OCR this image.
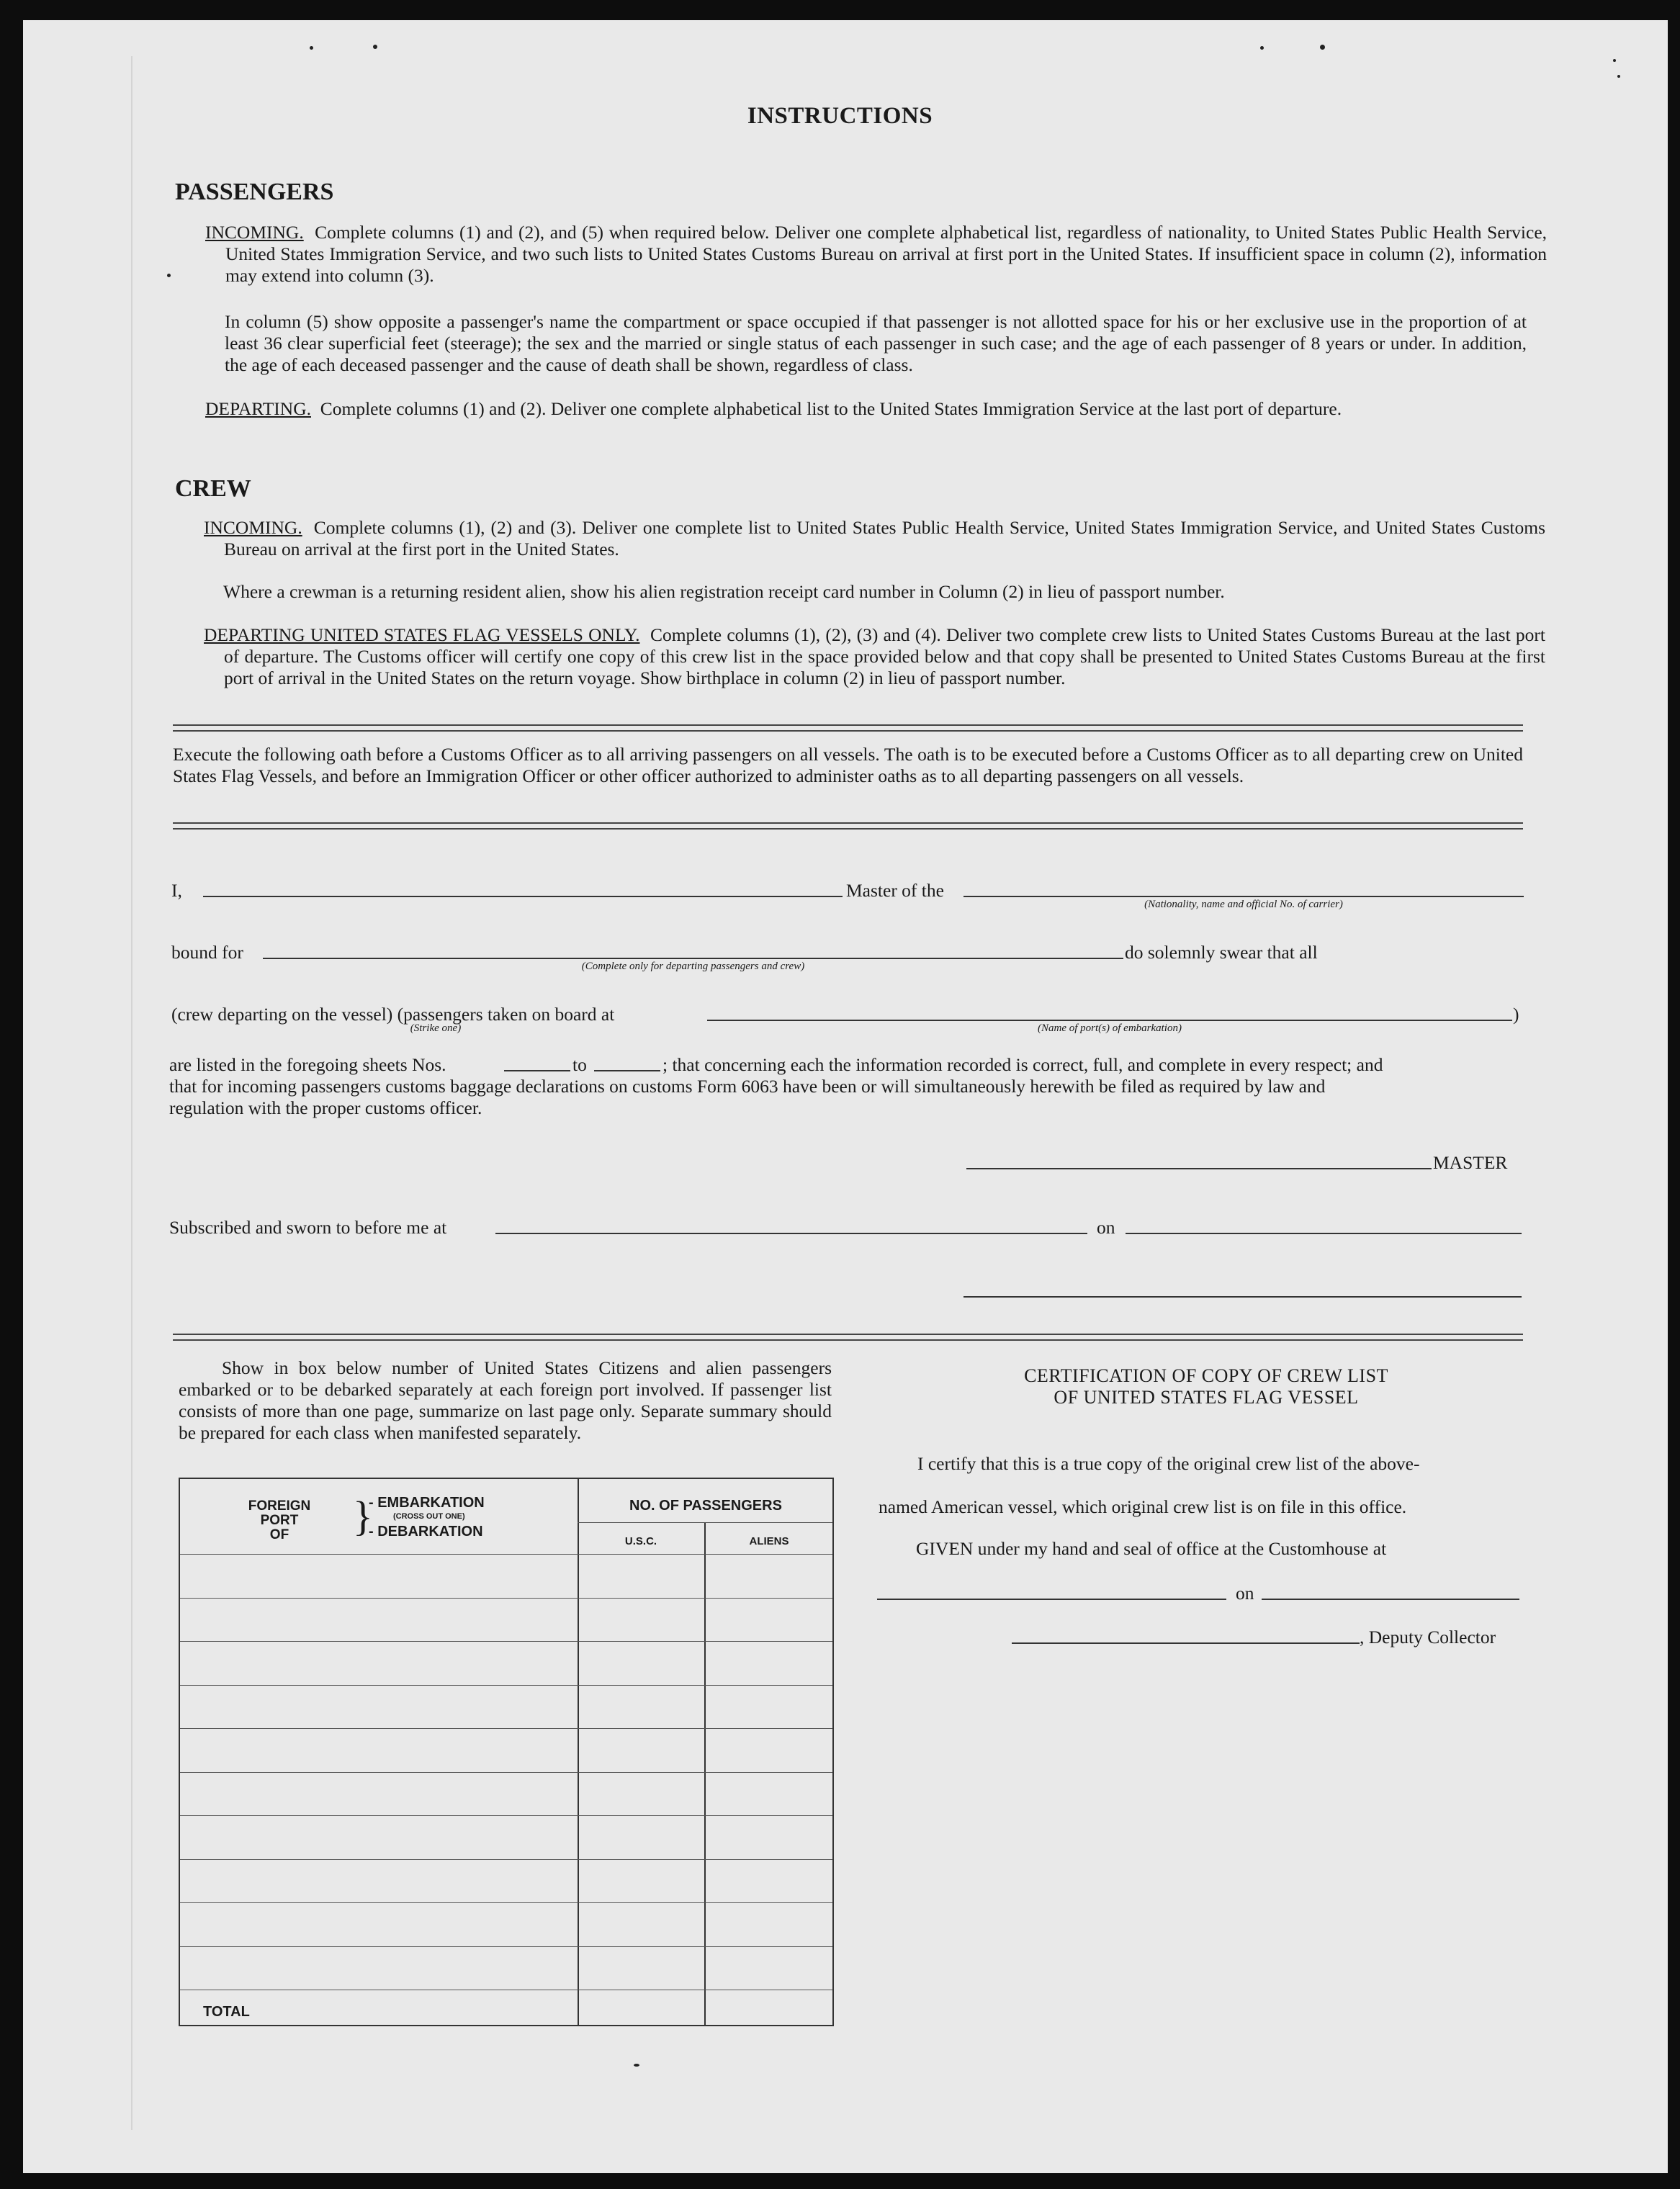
INSTRUCTIONS
PASSENGERS
INCOMING. Complete columns (1) and (2), and (5) when required below. Deliver one complete alphabetical list, regardless of nationality, to United States Public Health Service, United States Immigration Service, and two such lists to United States Customs Bureau on arrival at first port in the United States. If insufficient space in column (2), information may extend into column (3).
In column (5) show opposite a passenger's name the compartment or space occupied if that passenger is not allotted space for his or her exclusive use in the proportion of at least 36 clear superficial feet (steerage); the sex and the married or single status of each passenger in such case; and the age of each passenger of 8 years or under. In addition, the age of each deceased passenger and the cause of death shall be shown, regardless of class.
DEPARTING. Complete columns (1) and (2). Deliver one complete alphabetical list to the United States Immigration Service at the last port of departure.
CREW
INCOMING. Complete columns (1), (2) and (3). Deliver one complete list to United States Public Health Service, United States Immigration Service, and United States Customs Bureau on arrival at the first port in the United States.
Where a crewman is a returning resident alien, show his alien registration receipt card number in Column (2) in lieu of passport number.
DEPARTING UNITED STATES FLAG VESSELS ONLY. Complete columns (1), (2), (3) and (4). Deliver two complete crew lists to United States Customs Bureau at the last port of departure. The Customs officer will certify one copy of this crew list in the space provided below and that copy shall be presented to United States Customs Bureau at the first port of arrival in the United States on the return voyage. Show birthplace in column (2) in lieu of passport number.
Execute the following oath before a Customs Officer as to all arriving passengers on all vessels. The oath is to be executed before a Customs Officer as to all departing crew on United States Flag Vessels, and before an Immigration Officer or other officer authorized to administer oaths as to all departing passengers on all vessels.
I,	Master of the
(Nationality, name and official No. of carrier)
bound for
(Complete only for departing passengers and crew)
do solemnly swear that all
(crew departing on the vessel) (passengers taken on board at
(Strike one)	(Name of port(s) of embarkation)
)
are listed in the foregoing sheets Nos.	to	; that concerning each the information recorded is correct, full, and complete in every respect; and
that for incoming passengers customs baggage declarations on customs Form 6063 have been or will simultaneously herewith be filed as required by law and
regulation with the proper customs officer.
MASTER
Subscribed and sworn to before me at	on
Show in box below number of United States Citizens and alien passengers embarked or to be debarked separately at each foreign port involved. If passenger list consists of more than one page, summarize on last page only. Separate summary should be prepared for each class when manifested separately.
FOREIGN
PORT
OF	}
- EMBARKATION
(CROSS OUT ONE)
- DEBARKATION
NO. OF PASSENGERS
U.S.C.	ALIENS
TOTAL
CERTIFICATION OF COPY OF CREW LIST
OF UNITED STATES FLAG VESSEL
I certify that this is a true copy of the original crew list of the above-
named American vessel, which original crew list is on file in this office.
GIVEN under my hand and seal of office at the Customhouse at
on
, Deputy Collector
